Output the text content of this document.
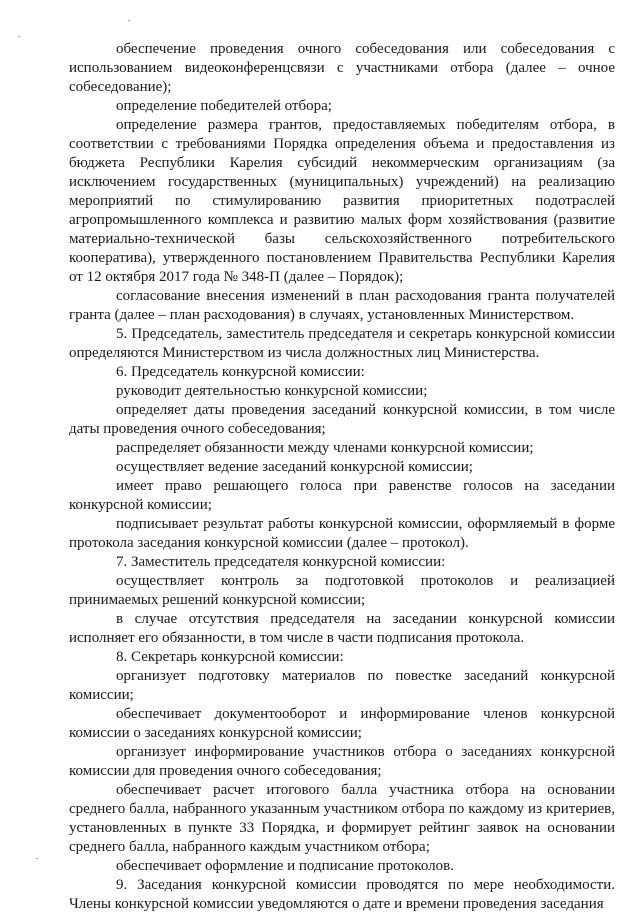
обеспечение проведения очного собеседования или собеседования с использованием видеоконференцсвязи с участниками отбора (далее – очное собеседование);

определение победителей отбора;

определение размера грантов, предоставляемых победителям отбора, в соответствии с требованиями Порядка определения объема и предоставления из бюджета Республики Карелия субсидий некоммерческим организациям (за исключением государственных (муниципальных) учреждений) на реализацию мероприятий по стимулированию развития приоритетных подотраслей агропромышленного комплекса и развитию малых форм хозяйствования (развитие материально-технической базы сельскохозяйственного потребительского кооператива), утвержденного постановлением Правительства Республики Карелия от 12 октября 2017 года № 348-П (далее – Порядок);

согласование внесения изменений в план расходования гранта получателей гранта (далее – план расходования) в случаях, установленных Министерством.

5. Председатель, заместитель председателя и секретарь конкурсной комиссии определяются Министерством из числа должностных лиц Министерства.

6. Председатель конкурсной комиссии:

руководит деятельностью конкурсной комиссии;

определяет даты проведения заседаний конкурсной комиссии, в том числе даты проведения очного собеседования;

распределяет обязанности между членами конкурсной комиссии;

осуществляет ведение заседаний конкурсной комиссии;

имеет право решающего голоса при равенстве голосов на заседании конкурсной комиссии;

подписывает результат работы конкурсной комиссии, оформляемый в форме протокола заседания конкурсной комиссии (далее – протокол).

7. Заместитель председателя конкурсной комиссии:

осуществляет контроль за подготовкой протоколов и реализацией принимаемых решений конкурсной комиссии;

в случае отсутствия председателя на заседании конкурсной комиссии исполняет его обязанности, в том числе в части подписания протокола.

8. Секретарь конкурсной комиссии:

организует подготовку материалов по повестке заседаний конкурсной комиссии;

обеспечивает документооборот и информирование членов конкурсной комиссии о заседаниях конкурсной комиссии;

организует информирование участников отбора о заседаниях конкурсной комиссии для проведения очного собеседования;

обеспечивает расчет итогового балла участника отбора на основании среднего балла, набранного указанным участником отбора по каждому из критериев, установленных в пункте 33 Порядка, и формирует рейтинг заявок на основании среднего балла, набранного каждым участником отбора;

обеспечивает оформление и подписание протоколов.

9. Заседания конкурсной комиссии проводятся по мере необходимости. Члены конкурсной комиссии уведомляются о дате и времени проведения заседания
